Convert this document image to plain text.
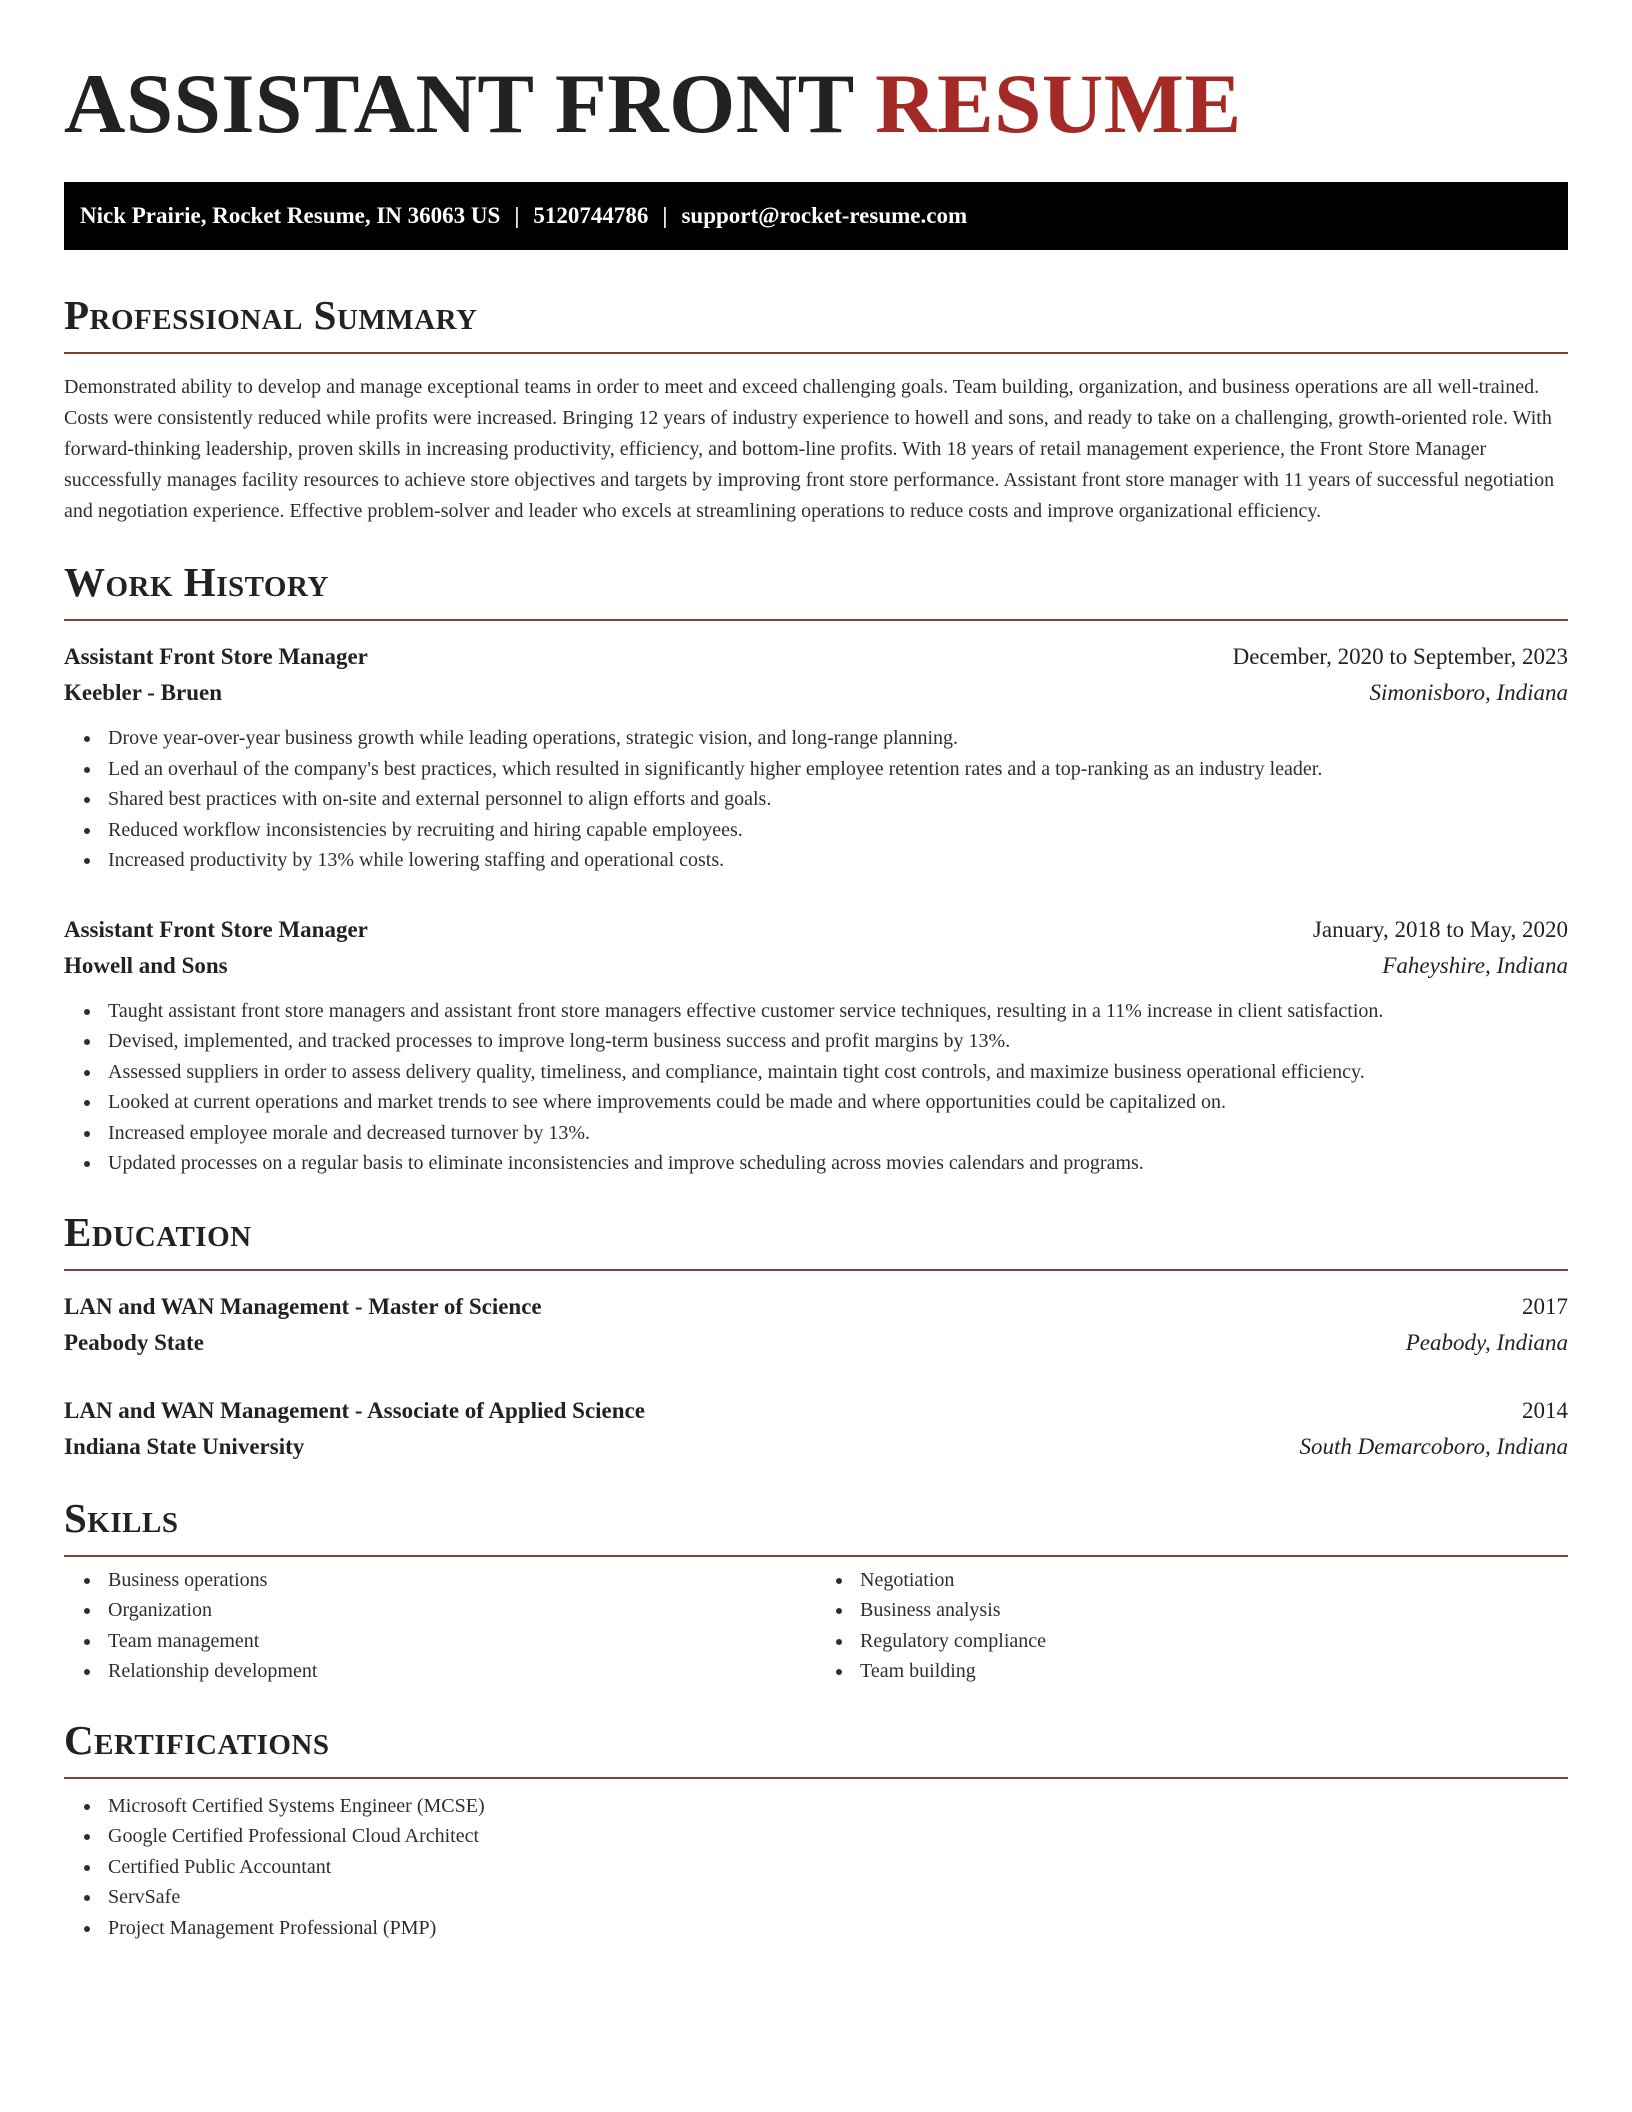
ASSISTANT FRONT RESUME
Nick Prairie, Rocket Resume, IN 36063 US | 5120744786 | support@rocket-resume.com
Professional Summary

Demonstrated ability to develop and manage exceptional teams in order to meet and exceed challenging goals. Team building, organization, and business operations are all well-trained. Costs were consistently reduced while profits were increased. Bringing 12 years of industry experience to howell and sons, and ready to take on a challenging, growth-oriented role. With forward-thinking leadership, proven skills in increasing productivity, efficiency, and bottom-line profits. With 18 years of retail management experience, the Front Store Manager successfully manages facility resources to achieve store objectives and targets by improving front store performance. Assistant front store manager with 11 years of successful negotiation and negotiation experience. Effective problem-solver and leader who excels at streamlining operations to reduce costs and improve organizational efficiency.

Work History
Assistant Front Store Manager	December, 2020 to September, 2023
Keebler - Bruen	Simonisboro, Indiana
Drove year-over-year business growth while leading operations, strategic vision, and long-range planning.
Led an overhaul of the company's best practices, which resulted in significantly higher employee retention rates and a top-ranking as an industry leader.
Shared best practices with on-site and external personnel to align efforts and goals.
Reduced workflow inconsistencies by recruiting and hiring capable employees.
Increased productivity by 13% while lowering staffing and operational costs.
Assistant Front Store Manager	January, 2018 to May, 2020
Howell and Sons	Faheyshire, Indiana
Taught assistant front store managers and assistant front store managers effective customer service techniques, resulting in a 11% increase in client satisfaction.
Devised, implemented, and tracked processes to improve long-term business success and profit margins by 13%.
Assessed suppliers in order to assess delivery quality, timeliness, and compliance, maintain tight cost controls, and maximize business operational efficiency.
Looked at current operations and market trends to see where improvements could be made and where opportunities could be capitalized on.
Increased employee morale and decreased turnover by 13%.
Updated processes on a regular basis to eliminate inconsistencies and improve scheduling across movies calendars and programs.
Education
LAN and WAN Management - Master of Science	2017
Peabody State	Peabody, Indiana
LAN and WAN Management - Associate of Applied Science	2014
Indiana State University	South Demarcoboro, Indiana
Skills
Business operations
Organization
Team management
Relationship development
Negotiation
Business analysis
Regulatory compliance
Team building
Certifications
Microsoft Certified Systems Engineer (MCSE)
Google Certified Professional Cloud Architect
Certified Public Accountant
ServSafe
Project Management Professional (PMP)
